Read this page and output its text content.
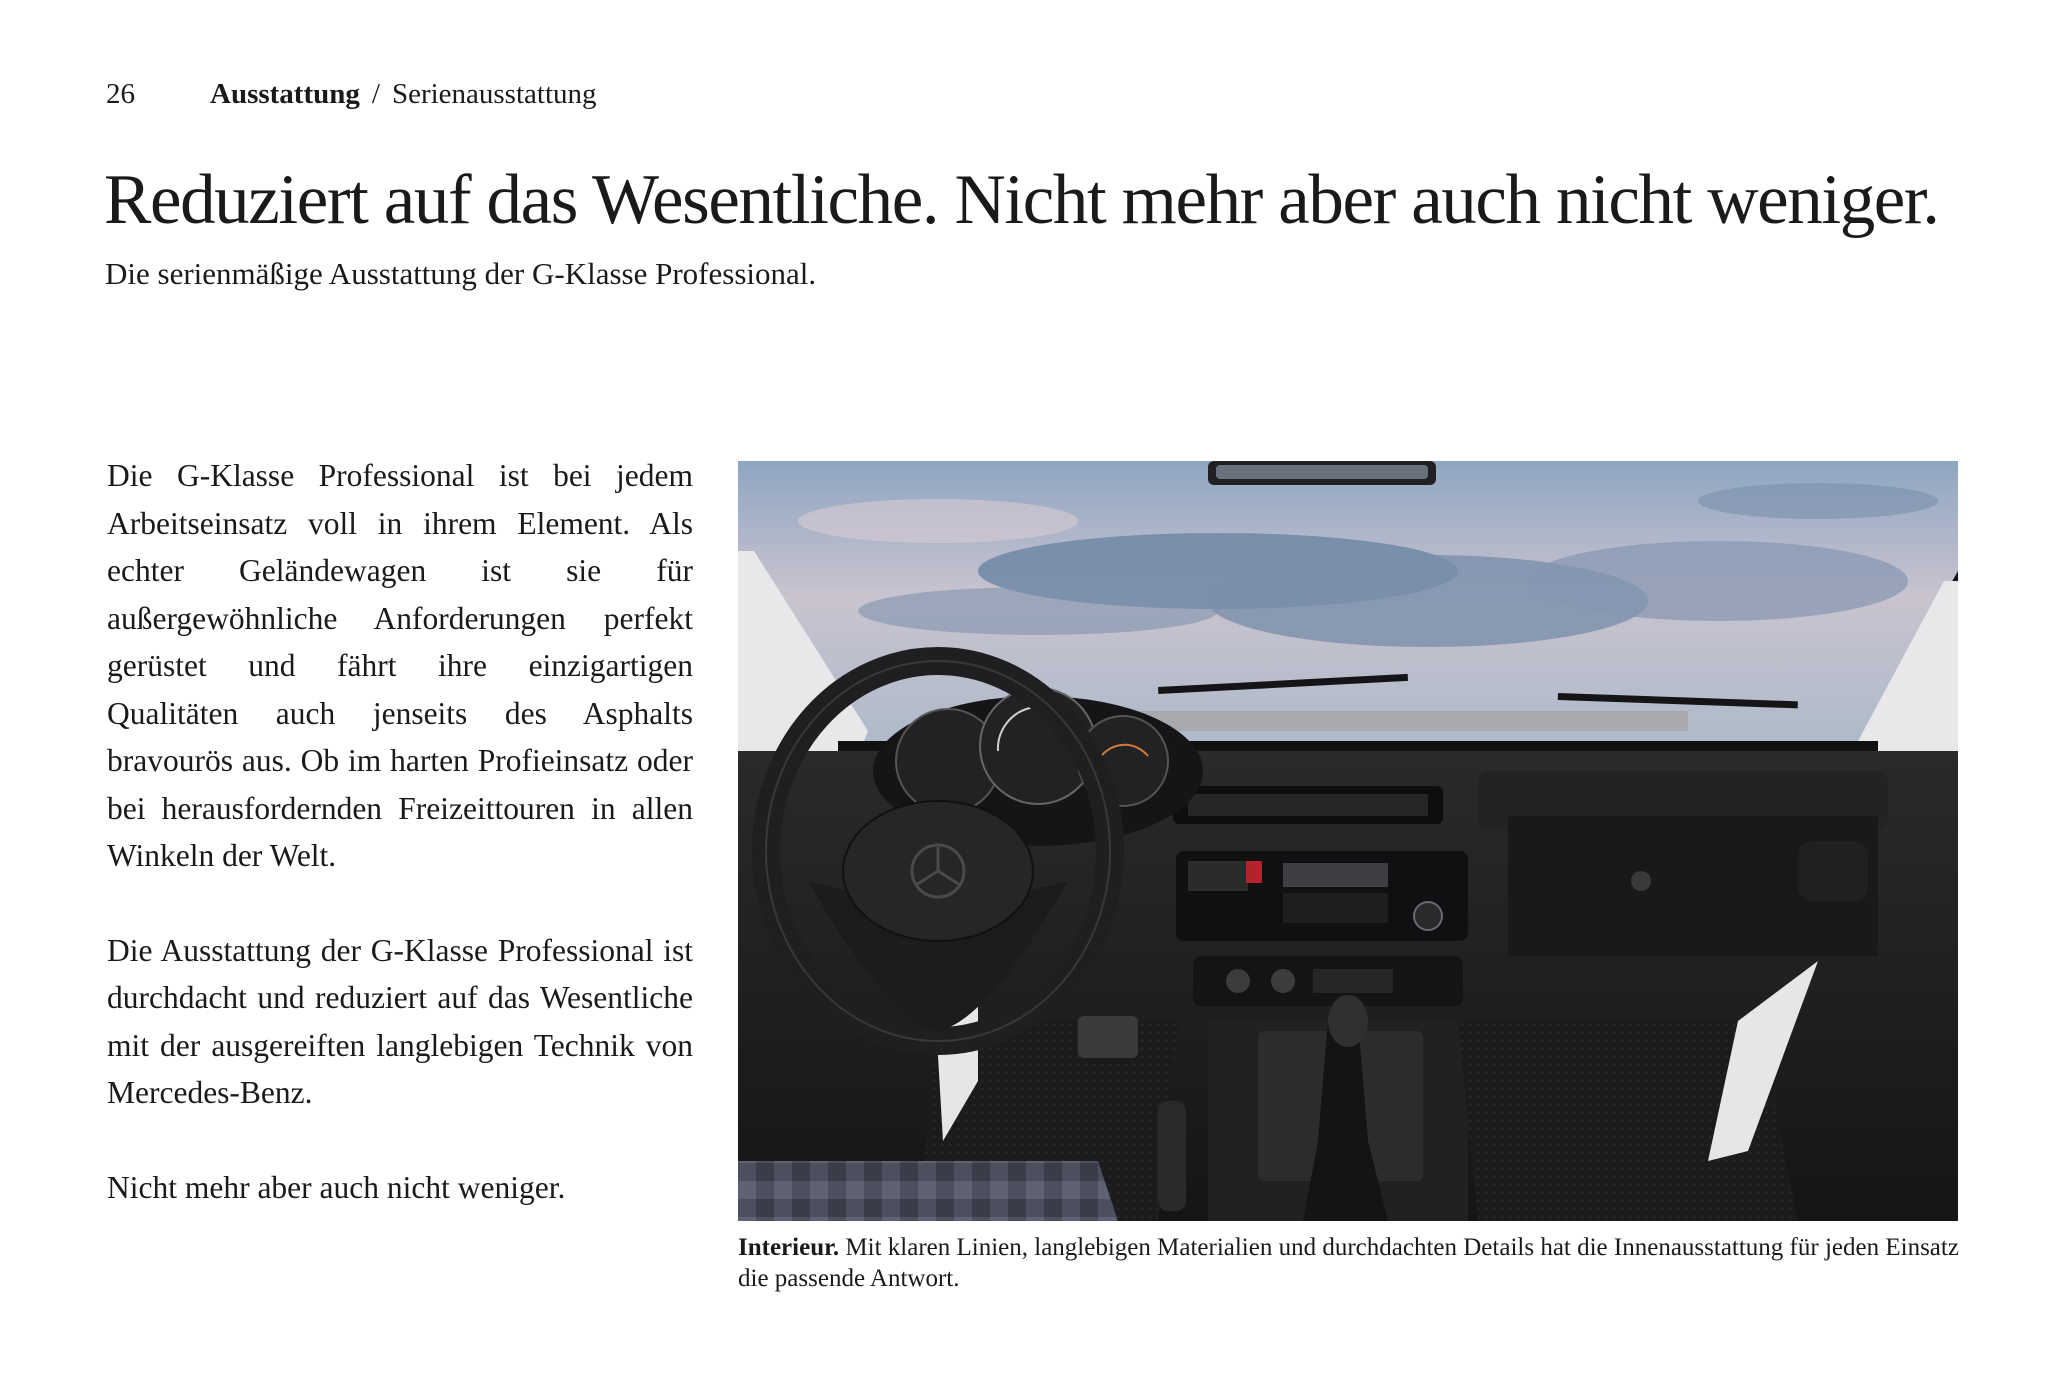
26	Ausstattung / Serienausstattung
Reduziert auf das Wesentliche. Nicht mehr aber auch nicht weniger.

Die serienmäßige Ausstattung der G-Klasse Professional.

Die G-Klasse Professional ist bei jedem Arbeitseinsatz voll in ihrem Element. Als echter Geländewagen ist sie für außergewöhnliche Anforderungen perfekt gerüstet und fährt ihre einzigartigen Qualitäten auch jenseits des Asphalts bravourös aus. Ob im harten Profieinsatz oder bei herausfordernden Freizeittouren in allen Winkeln der Welt.

Die Ausstattung der G-Klasse Professional ist durchdacht und reduziert auf das Wesentliche mit der ausgereiften langlebigen Technik von Mercedes-Benz.

Nicht mehr aber auch nicht weniger.

Interieur. Mit klaren Linien, langlebigen Materialien und durchdachten Details hat die Innenausstattung für jeden Einsatz die passende Antwort.
